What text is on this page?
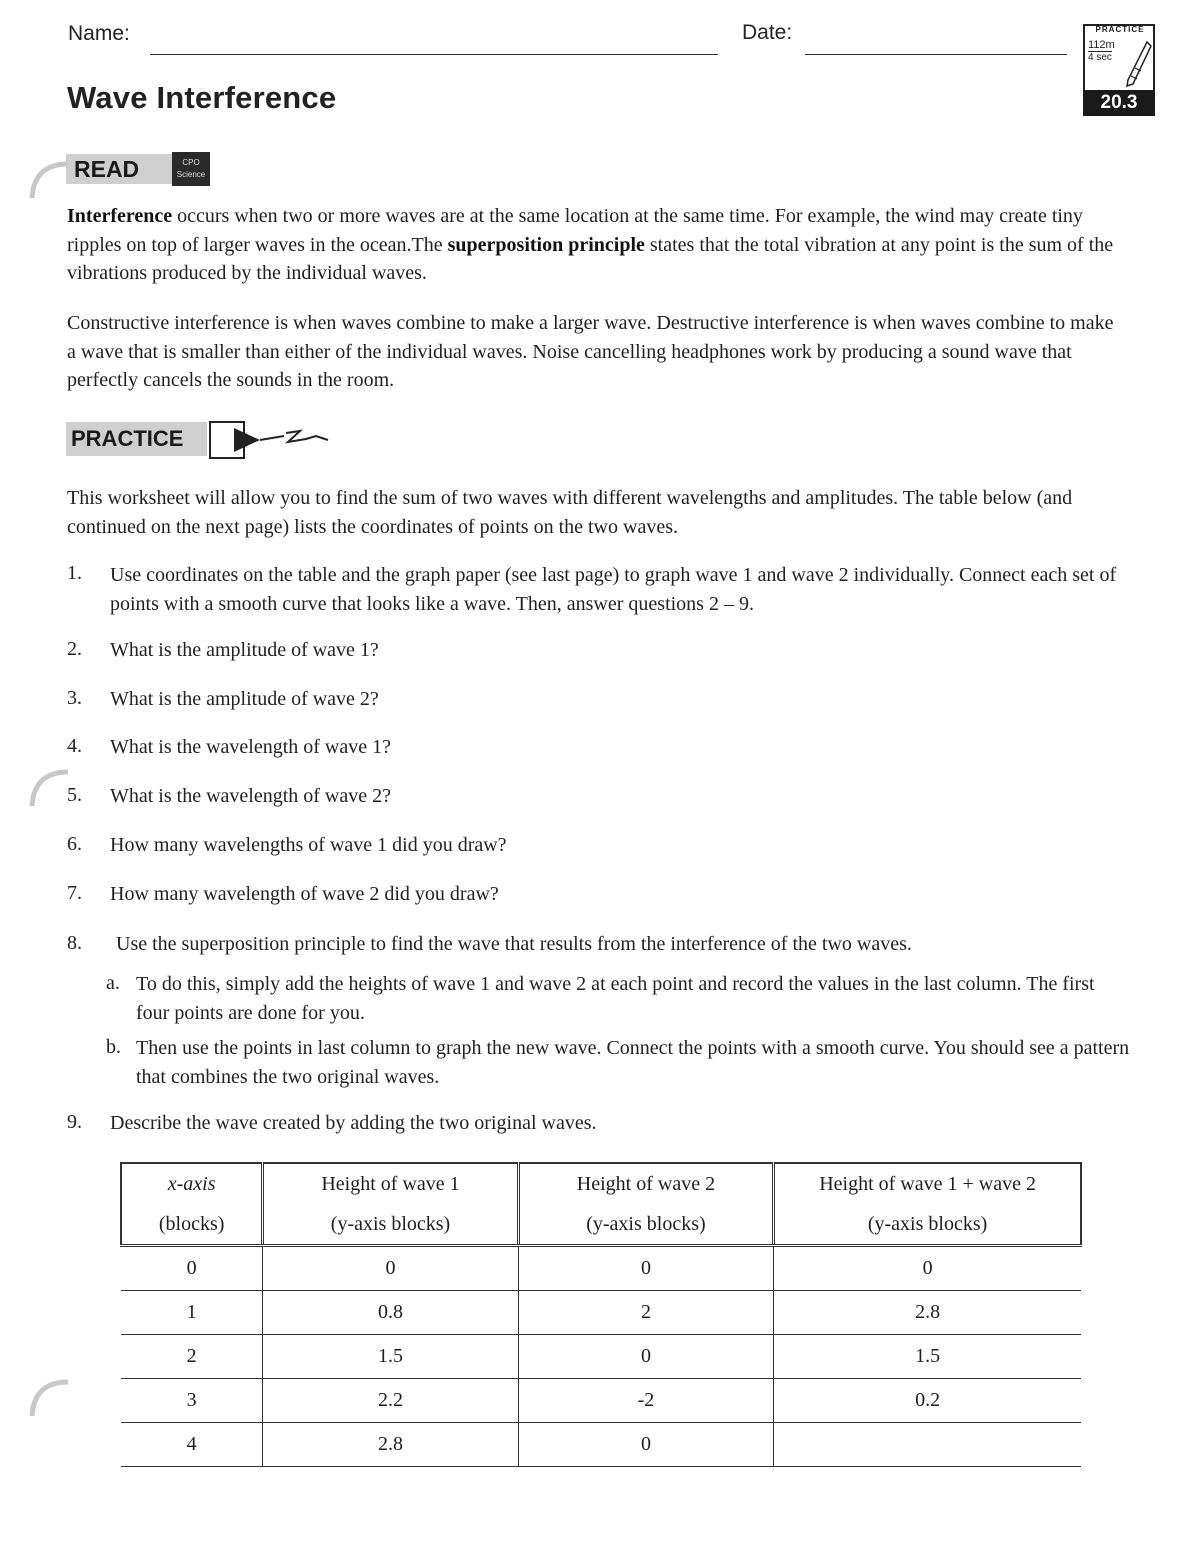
Name:	Date:
Wave Interference
PRACTICE
112m
4 sec
20.3
READ	CPO Science
Interference occurs when two or more waves are at the same location at the same time. For example, the wind may create tiny ripples on top of larger waves in the ocean.The superposition principle states that the total vibration at any point is the sum of the vibrations produced by the individual waves.
Constructive interference is when waves combine to make a larger wave. Destructive interference is when waves combine to make a wave that is smaller than either of the individual waves. Noise cancelling headphones work by producing a sound wave that perfectly cancels the sounds in the room.
PRACTICE
This worksheet will allow you to find the sum of two waves with different wavelengths and amplitudes. The table below (and continued on the next page) lists the coordinates of points on the two waves.
1. Use coordinates on the table and the graph paper (see last page) to graph wave 1 and wave 2 individually. Connect each set of points with a smooth curve that looks like a wave. Then, answer questions 2 – 9.
2. What is the amplitude of wave 1?
3. What is the amplitude of wave 2?
4. What is the wavelength of wave 1?
5. What is the wavelength of wave 2?
6. How many wavelengths of wave 1 did you draw?
7. How many wavelength of wave 2 did you draw?
8. Use the superposition principle to find the wave that results from the interference of the two waves.
a. To do this, simply add the heights of wave 1 and wave 2 at each point and record the values in the last column. The first four points are done for you.
b. Then use the points in last column to graph the new wave. Connect the points with a smooth curve. You should see a pattern that combines the two original waves.
9. Describe the wave created by adding the two original waves.
x-axis	Height of wave 1	Height of wave 2	Height of wave 1 + wave 2
(blocks)	(y-axis blocks)	(y-axis blocks)	(y-axis blocks)
0	0	0	0
1	0.8	2	2.8
2	1.5	0	1.5
3	2.2	-2	0.2
4	2.8	0	
